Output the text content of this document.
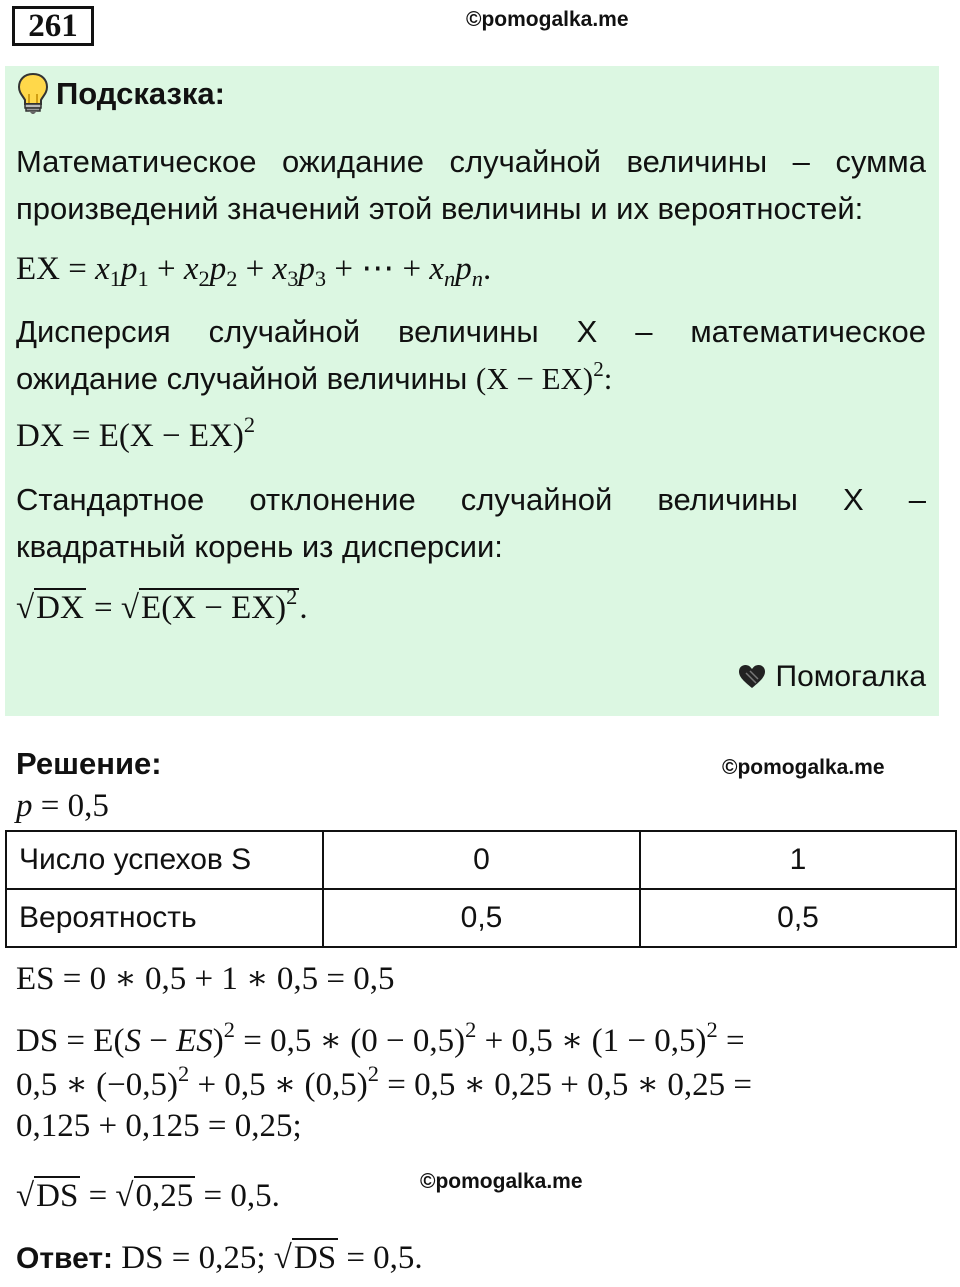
261	©pomogalka.me
Подсказка:
Математическое ожидание случайной величины – сумма
произведений значений этой величины и их вероятностей:
EX = $x_1p_1 + x_2p_2 + x_3p_3$ + ⋯ + $x_np_n$.
Дисперсия случайной величины X – математическое
ожидание случайной величины (X − EX)$^2$:
DX = E(X − EX)$^2$
Стандартное отклонение случайной величины X –
квадратный корень из дисперсии:
√DX = √E(X − EX)$^2$.
Помогалка
Решение:	©pomogalka.me
p = 0,5
Число успехов S	0	1
Вероятность	0,5	0,5
ES = 0 ∗ 0,5 + 1 ∗ 0,5 = 0,5
DS = E(S − ES)$^2$ = 0,5 ∗ $(0 - 0,5)^2 + 0,5$ ∗ $(1 - 0,5)^2$ =
0,5 ∗ $(-0,5)^2 + 0,5$ ∗ $(0,5)^2 = 0,5$ ∗ 0,25 + 0,5 ∗ 0,25 =
0,125 + 0,125 = 0,25;
√DS = √0,25 = 0,5.	©pomogalka.me
Ответ: DS = 0,25; √DS = 0,5.
